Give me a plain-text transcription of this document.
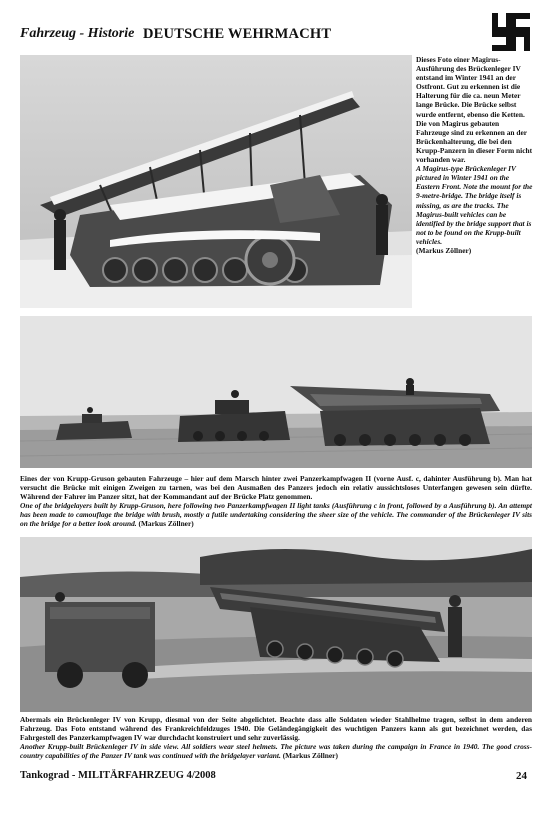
Fahrzeug - Historie DEUTSCHE WEHRMACHT

Dieses Foto einer Magirus-Ausführung des Brückenleger IV entstand im Winter 1941 an der Ostfront. Gut zu erkennen ist die Halterung für die ca. neun Meter lange Brücke. Die Brücke selbst wurde entfernt, ebenso die Ketten. Die von Magirus gebauten Fahrzeuge sind zu erkennen an der Brückenhalterung, die bei den Krupp-Panzern in dieser Form nicht vorhanden war.

A Magirus-type Brückenleger IV pictured in Winter 1941 on the Eastern Front. Note the mount for the 9-metre-bridge. The bridge itself is missing, as are the tracks. The Magirus-built vehicles can be identified by the bridge support that is not to be found on the Krupp-built vehicles.

(Markus Zöllner)

Eines der von Krupp-Gruson gebauten Fahrzeuge – hier auf dem Marsch hinter zwei Panzerkampfwagen II (vorne Ausf. c, dahinter Ausführung b). Man hat versucht die Brücke mit einigen Zweigen zu tarnen, was bei den Ausmaßen des Panzers jedoch ein relativ aussichtsloses Unterfangen gewesen sein dürfte. Während der Fahrer im Panzer sitzt, hat der Kommandant auf der Brücke Platz genommen.

One of the bridgelayers built by Krupp-Gruson, here following two Panzerkampfwagen II light tanks (Ausführung c in front, followed by a Ausführung b). An attempt has been made to camouflage the bridge with brush, mostly a futile undertaking considering the sheer size of the vehicle. The commander of the Brückenleger IV sits on the bridge for a better look around. (Markus Zöllner)

Abermals ein Brückenleger IV von Krupp, diesmal von der Seite abgelichtet. Beachte dass alle Soldaten wieder Stahlhelme tragen, selbst in dem anderen Fahrzeug. Das Foto entstand während des Frankreichfeldzuges 1940. Die Geländegängigkeit des wuchtigen Panzers kann als gut bezeichnet werden, das Fahrgestell des Panzerkampfwagen IV war durchdacht konstruiert und sehr zuverlässig.

Another Krupp-built Brückenleger IV in side view. All soldiers wear steel helmets. The picture was taken during the campaign in France in 1940. The good cross-country capabilities of the Panzer IV tank was continued with the bridgelayer variant. (Markus Zöllner)

Tankograd - MILITÄRFAHRZEUG 4/2008	24
